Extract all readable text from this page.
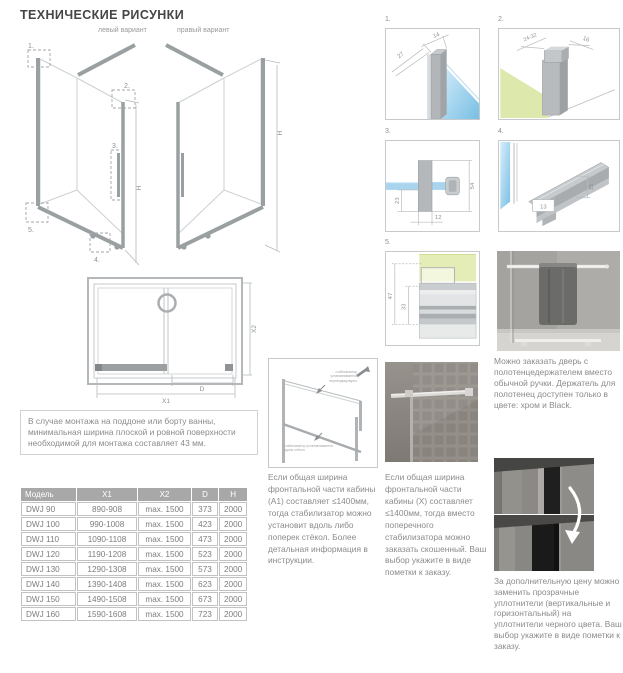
ТЕХНИЧЕСКИЕ РИСУНКИ
левый вариант	правый вариант
1.
2.
3.
4.
5.
H
H
X2
D
X1
В случае монтажа на поддоне или борту ванны, минимальная ширина плоской и ровной поверхности необходимой для монтажа составляет 43 мм.
Модель	X1	X2	D	H
DWJ 90	890-908	max. 1500	373	2000
DWJ 100	990-1008	max. 1500	423	2000
DWJ 110	1090-1108	max. 1500	473	2000
DWJ 120	1190-1208	max. 1500	523	2000
DWJ 130	1290-1308	max. 1500	573	2000
DWJ 140	1390-1408	max. 1500	623	2000
DWJ 150	1490-1508	max. 1500	673	2000
DWJ 160	1590-1608	max. 1500	723	2000
стабилизатор устанавливается перпендикулярно
стабилизатор устанавливается вдоль стёкол
Если общая ширина фронтальной части кабины (А1) составляет ≤1400мм, тогда стабилизатор можно установит вдоль либо поперек стёкол. Более детальная информация в инструкции.
Если общая ширина фронтальной части кабины (X) составляет ≤1400мм, тогда вместо поперечного стабилизатора можно заказать скошенный. Ваш выбор укажите в виде пометки к заказу.
1.	2.
3.	4.
5.
14
27
24-32	16
23
12
54
13
15
47
33
Можно заказать дверь с полотенцедержателем вместо обычной ручки. Держатель для полотенец доступен только в цвете: хром и Black.
За дополнительную цену можно заменить прозрачные уплотнители (вертикальные и горизонтальный) на уплотнители черного цвета. Ваш выбор укажите в виде пометки к заказу.
